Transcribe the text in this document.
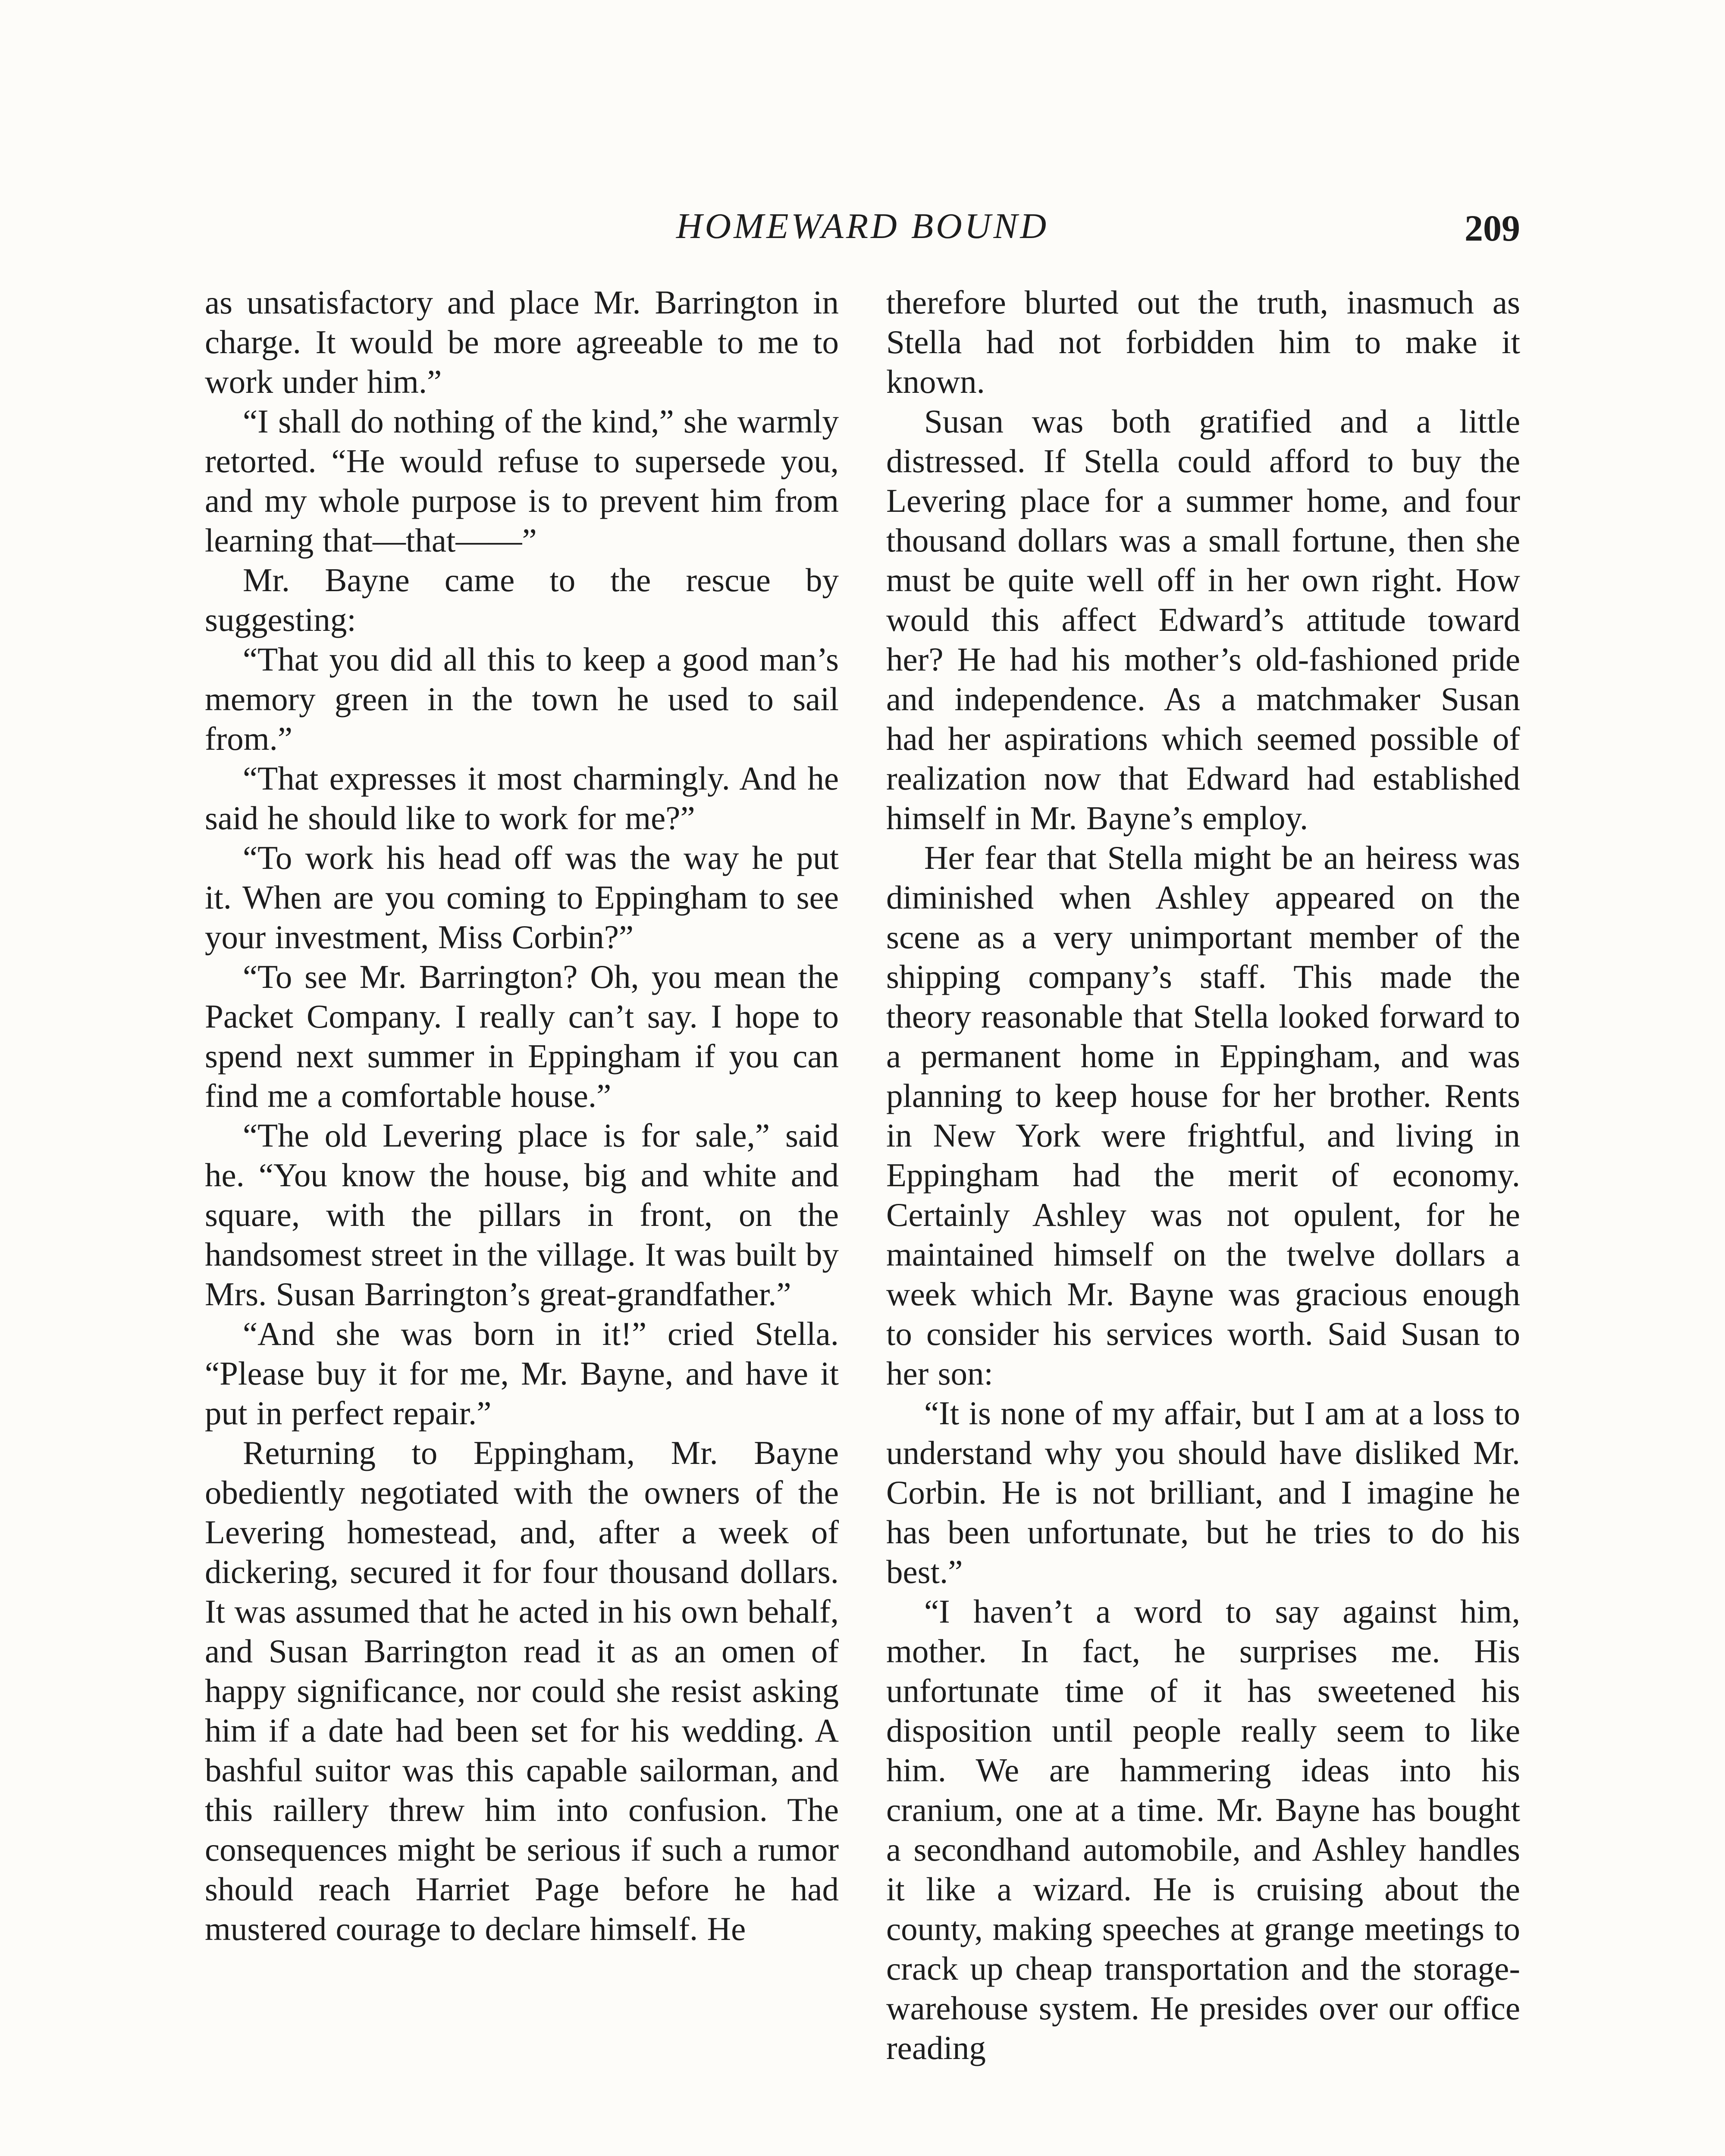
HOMEWARD BOUND	209

as unsatisfactory and place Mr. Barrington in charge. It would be more agreeable to me to work under him.”

“I shall do nothing of the kind,” she warmly retorted. “He would refuse to supersede you, and my whole purpose is to prevent him from learning that—that——”

Mr. Bayne came to the rescue by suggesting:

“That you did all this to keep a good man’s memory green in the town he used to sail from.”

“That expresses it most charmingly. And he said he should like to work for me?”

“To work his head off was the way he put it. When are you coming to Eppingham to see your investment, Miss Corbin?”

“To see Mr. Barrington? Oh, you mean the Packet Company. I really can’t say. I hope to spend next summer in Eppingham if you can find me a comfortable house.”

“The old Levering place is for sale,” said he. “You know the house, big and white and square, with the pillars in front, on the handsomest street in the village. It was built by Mrs. Susan Barrington’s great-grandfather.”

“And she was born in it!” cried Stella. “Please buy it for me, Mr. Bayne, and have it put in perfect repair.”

Returning to Eppingham, Mr. Bayne obediently negotiated with the owners of the Levering homestead, and, after a week of dickering, secured it for four thousand dollars. It was assumed that he acted in his own behalf, and Susan Barrington read it as an omen of happy significance, nor could she resist asking him if a date had been set for his wedding. A bashful suitor was this capable sailorman, and this raillery threw him into confusion. The consequences might be serious if such a rumor should reach Harriet Page before he had mustered courage to declare himself. He

therefore blurted out the truth, inasmuch as Stella had not forbidden him to make it known.

Susan was both gratified and a little distressed. If Stella could afford to buy the Levering place for a summer home, and four thousand dollars was a small fortune, then she must be quite well off in her own right. How would this affect Edward’s attitude toward her? He had his mother’s old-fashioned pride and independence. As a matchmaker Susan had her aspirations which seemed possible of realization now that Edward had established himself in Mr. Bayne’s employ.

Her fear that Stella might be an heiress was diminished when Ashley appeared on the scene as a very unimportant member of the shipping company’s staff. This made the theory reasonable that Stella looked forward to a permanent home in Eppingham, and was planning to keep house for her brother. Rents in New York were frightful, and living in Eppingham had the merit of economy. Certainly Ashley was not opulent, for he maintained himself on the twelve dollars a week which Mr. Bayne was gracious enough to consider his services worth. Said Susan to her son:

“It is none of my affair, but I am at a loss to understand why you should have disliked Mr. Corbin. He is not brilliant, and I imagine he has been unfortunate, but he tries to do his best.”

“I haven’t a word to say against him, mother. In fact, he surprises me. His unfortunate time of it has sweetened his disposition until people really seem to like him. We are hammering ideas into his cranium, one at a time. Mr. Bayne has bought a secondhand automobile, and Ashley handles it like a wizard. He is cruising about the county, making speeches at grange meetings to crack up cheap transportation and the storage-warehouse system. He presides over our office reading
